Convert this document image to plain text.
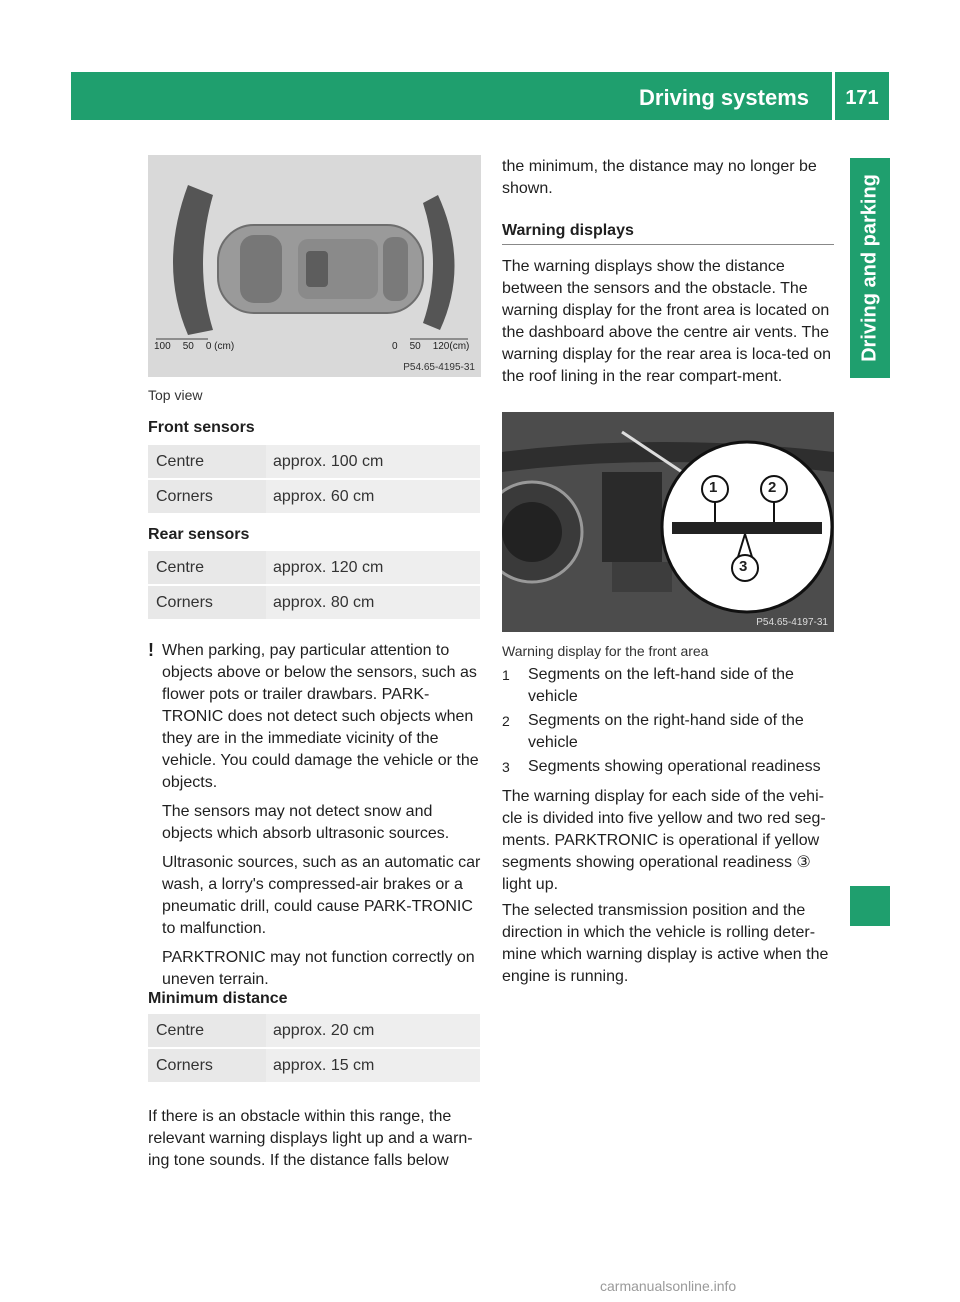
Driving systems	171
Driving and parking
100 50 0 (cm)	0 50 120(cm)
P54.65-4195-31
Top view
Front sensors
Centre	approx. 100 cm
Corners	approx. 60 cm
Rear sensors
Centre	approx. 120 cm
Corners	approx. 80 cm
! When parking, pay particular attention to objects above or below the sensors, such as flower pots or trailer drawbars. PARK-TRONIC does not detect such objects when they are in the immediate vicinity of the vehicle. You could damage the vehicle or the objects.

The sensors may not detect snow and objects which absorb ultrasonic sources.

Ultrasonic sources, such as an automatic car wash, a lorry's compressed-air brakes or a pneumatic drill, could cause PARK-TRONIC to malfunction.

PARKTRONIC may not function correctly on uneven terrain.

Minimum distance
Centre	approx. 20 cm
Corners	approx. 15 cm
If there is an obstacle within this range, the relevant warning displays light up and a warn-ing tone sounds. If the distance falls below
the minimum, the distance may no longer be shown.
Warning displays
The warning displays show the distance between the sensors and the obstacle. The warning display for the front area is located on the dashboard above the centre air vents. The warning display for the rear area is loca-ted on the roof lining in the rear compart-ment.
1	2
3
P54.65-4197-31
Warning display for the front area
1	Segments on the left-hand side of the vehicle
2	Segments on the right-hand side of the vehicle
3	Segments showing operational readiness
The warning display for each side of the vehi-cle is divided into five yellow and two red seg-ments. PARKTRONIC is operational if yellow segments showing operational readiness ③ light up.
The selected transmission position and the direction in which the vehicle is rolling deter-mine which warning display is active when the engine is running.
carmanualsonline.info
